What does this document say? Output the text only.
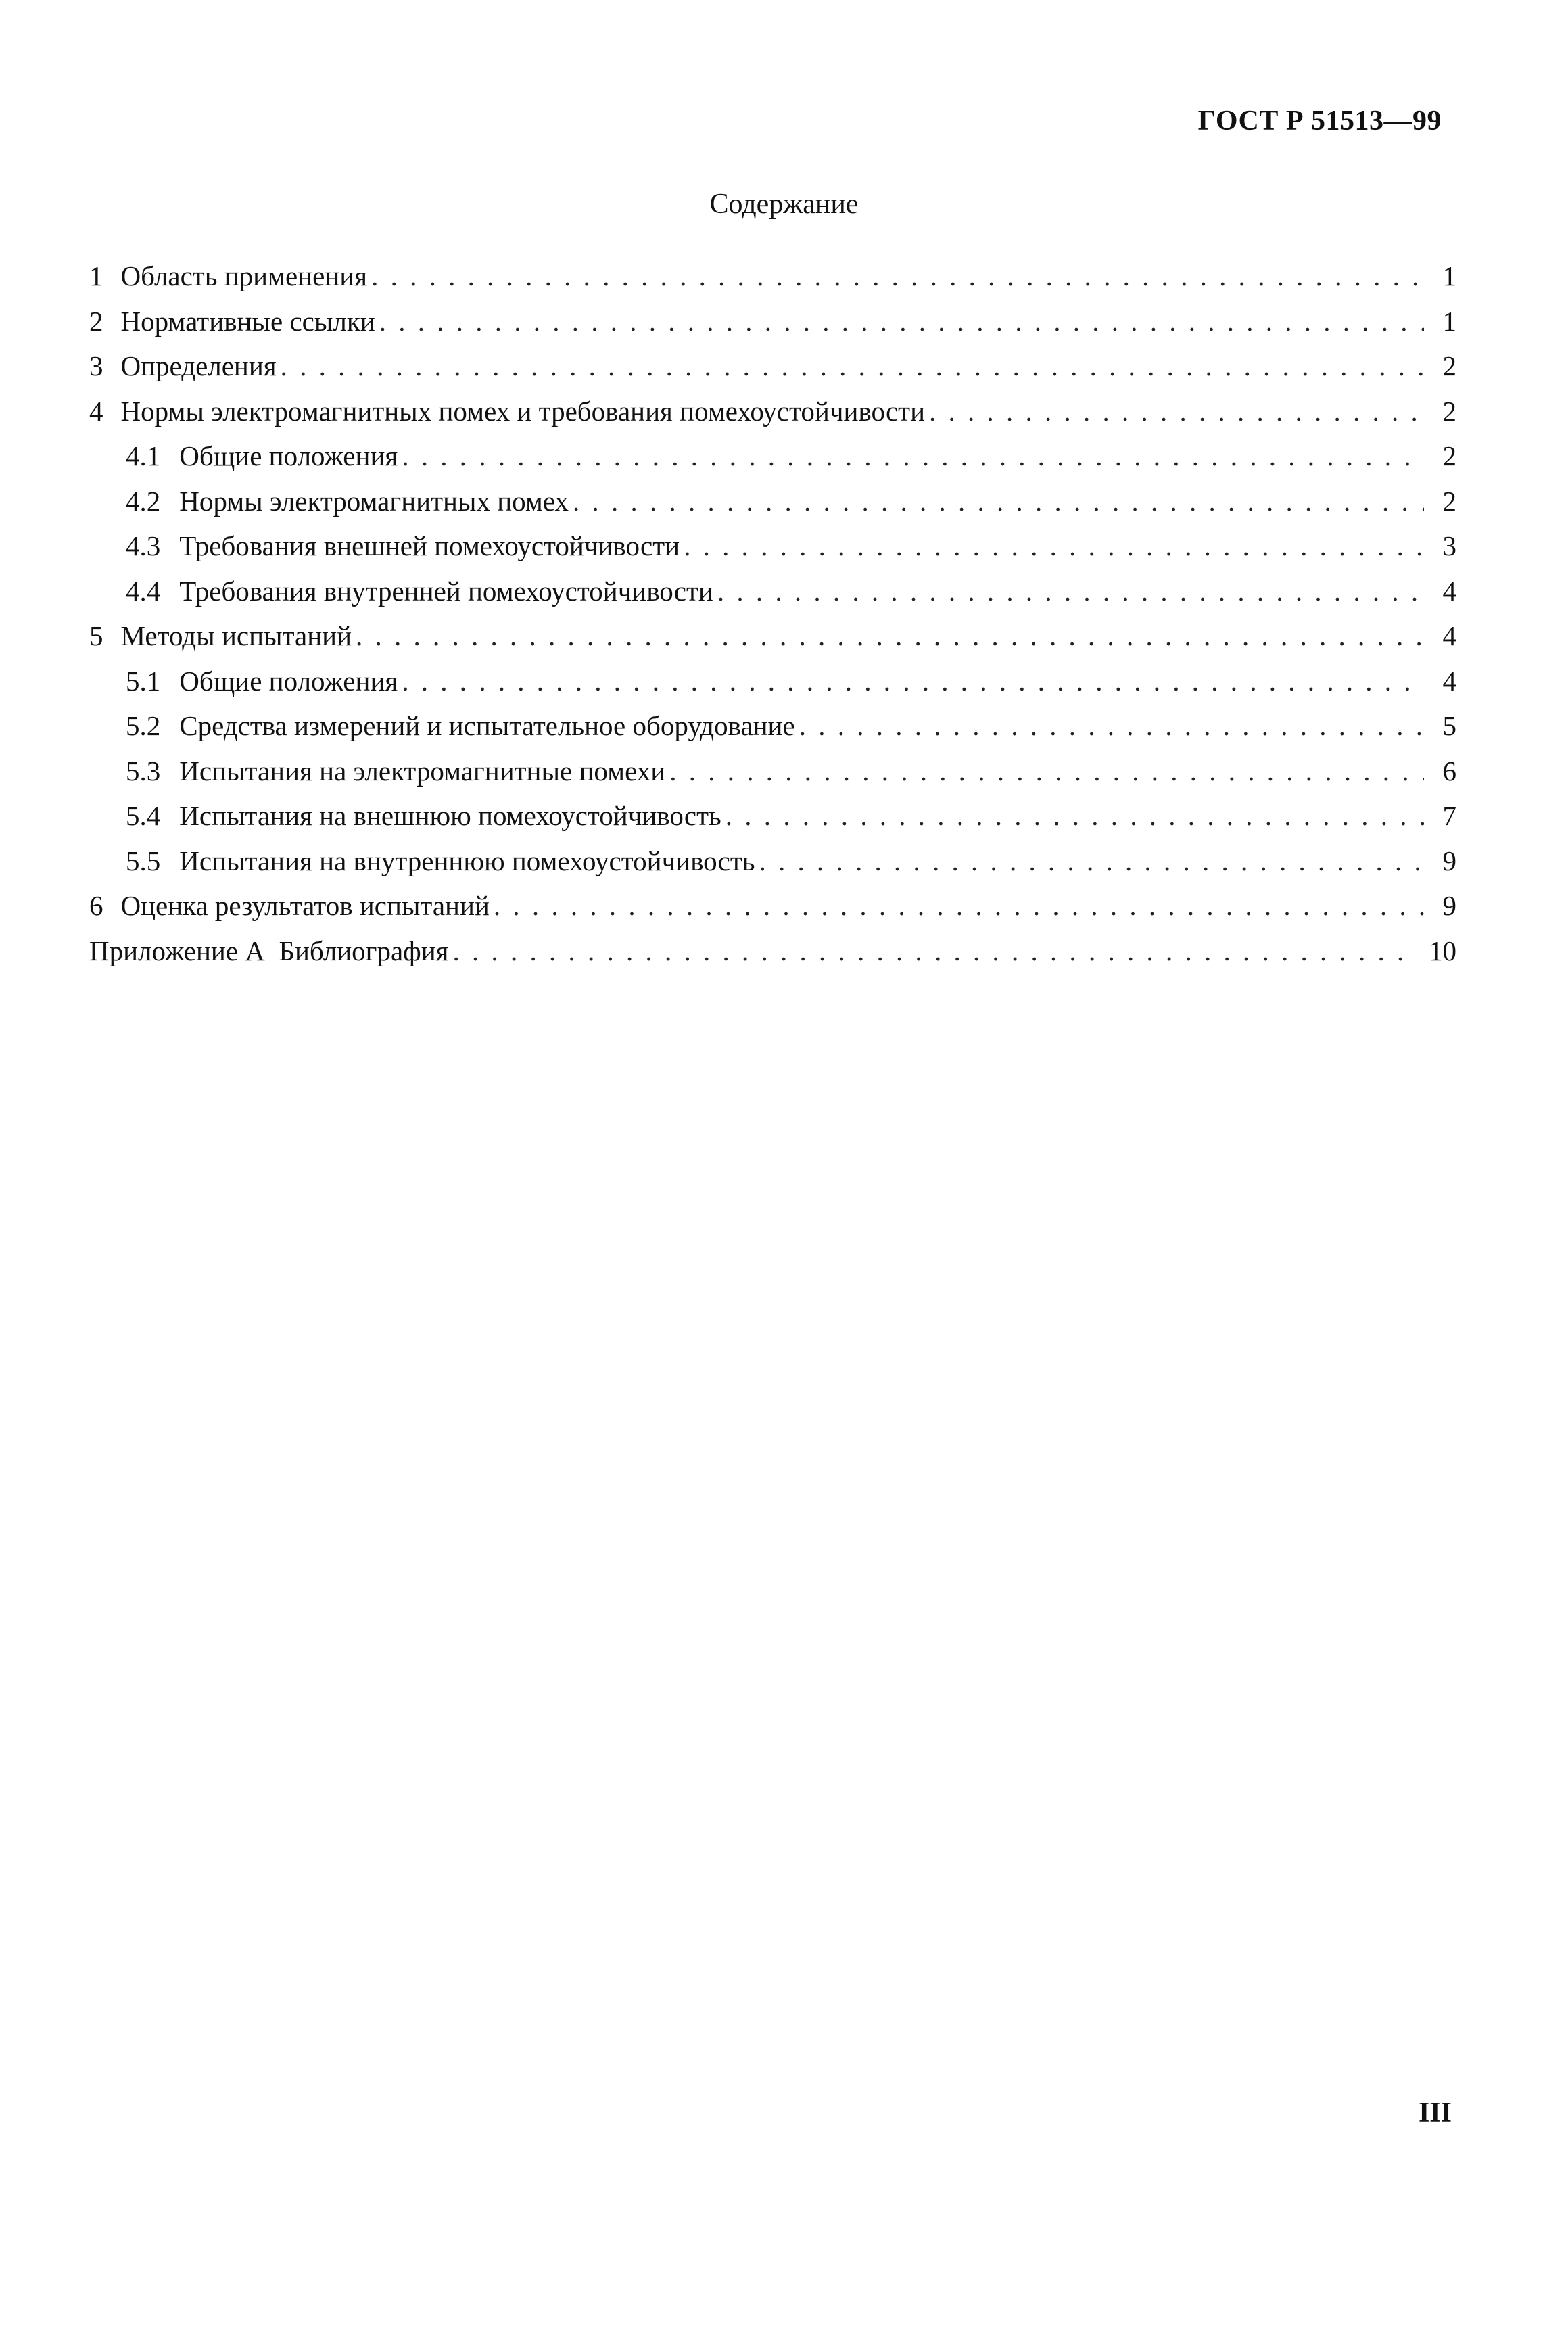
ГОСТ Р 51513—99
Содержание
1 Область применения . . .	1
2 Нормативные ссылки . . .	1
3 Определения . . .	2
4 Нормы электромагнитных помех и требования помехоустойчивости . . .	2
4.1 Общие положения . . .	2
4.2 Нормы электромагнитных помех . . .	2
4.3 Требования внешней помехоустойчивости . . .	3
4.4 Требования внутренней помехоустойчивости . . .	4
5 Методы испытаний . . .	4
5.1 Общие положения . . .	4
5.2 Средства измерений и испытательное оборудование . . .	5
5.3 Испытания на электромагнитные помехи . . .	6
5.4 Испытания на внешнюю помехоустойчивость . . .	7
5.5 Испытания на внутреннюю помехоустойчивость . . .	9
6 Оценка результатов испытаний . . .	9
Приложение А  Библиография . . .	10
III
